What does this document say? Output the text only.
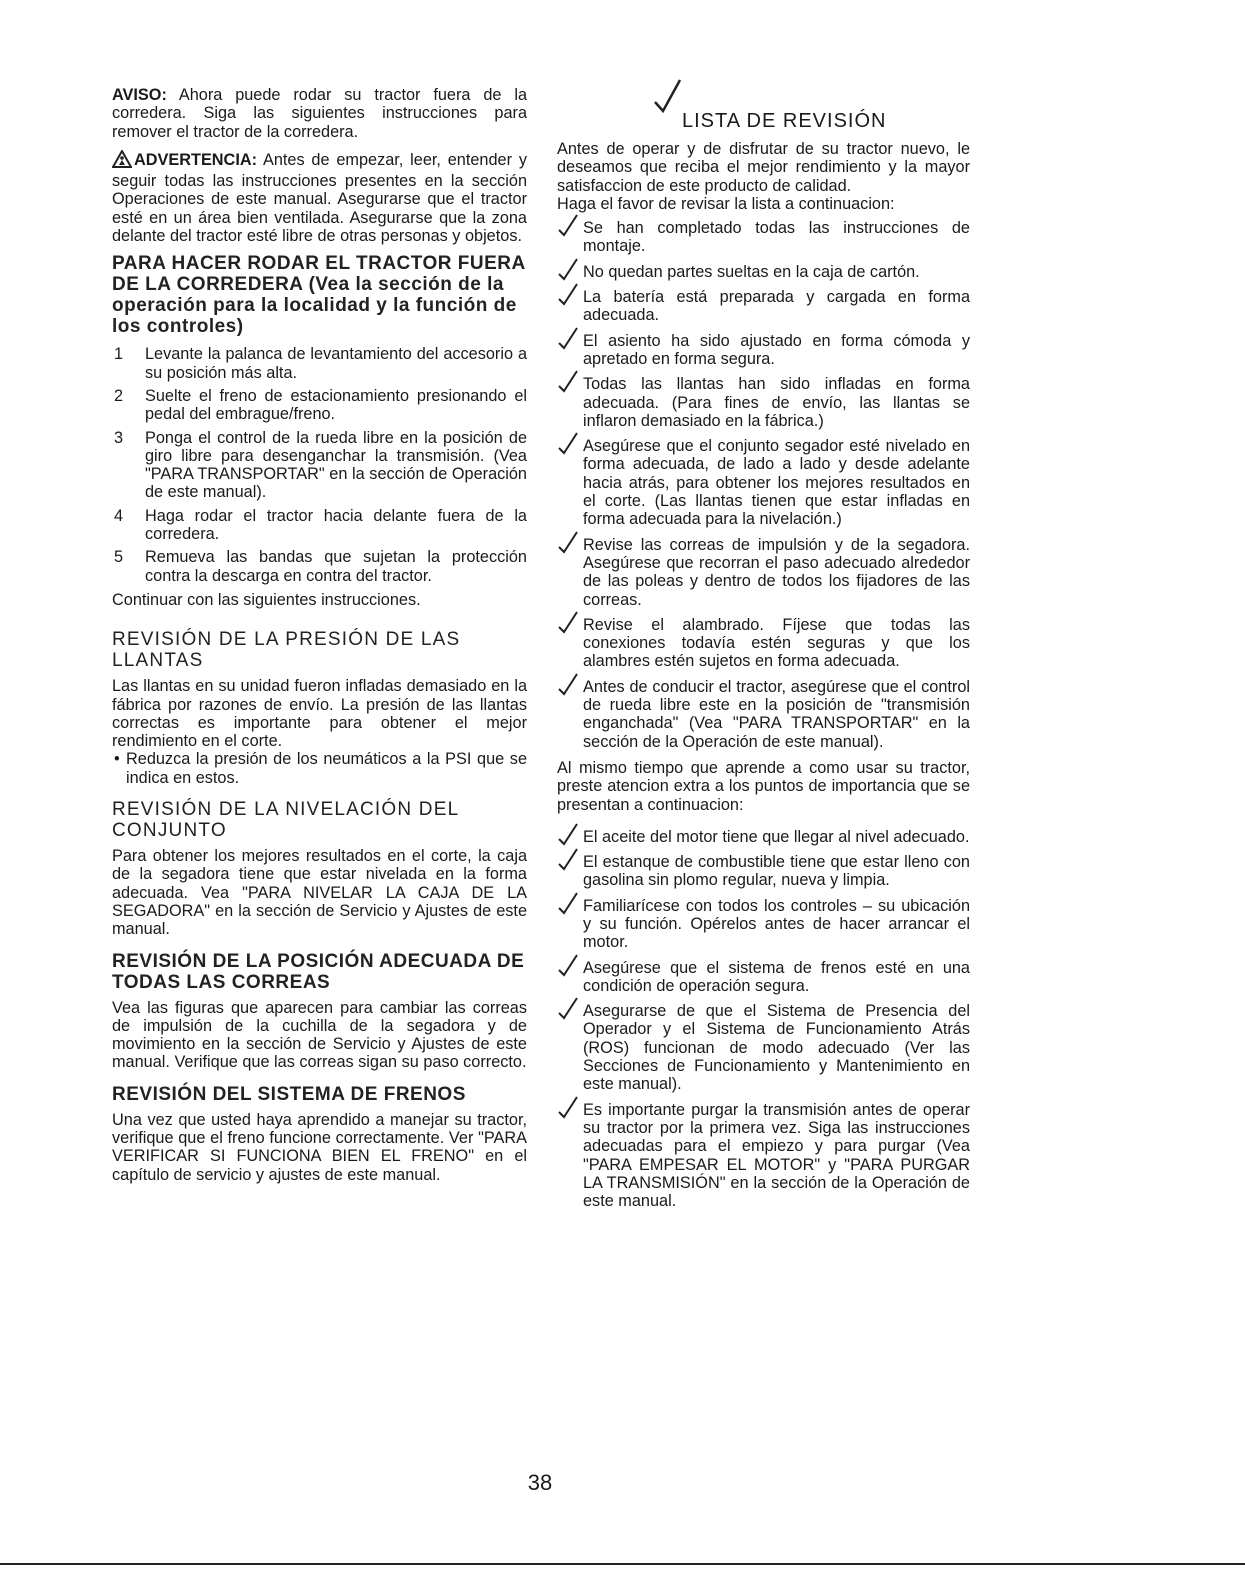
AVISO: Ahora puede rodar su tractor fuera de la corredera. Siga las siguientes instrucciones para remover el tractor de la corredera.

ADVERTENCIA: Antes de empezar, leer, entender y seguir todas las instrucciones presentes en la sección Operaciones de este manual. Asegurarse que el tractor esté en un área bien ventilada. Asegurarse que la zona delante del tractor esté libre de otras personas y objetos.

PARA HACER RODAR EL TRACTOR FUERA DE LA CORREDERA (Vea la sección de la operación para la localidad y la función de los controles)
1 Levante la palanca de levantamiento del accesorio a su posición más alta.
2 Suelte el freno de estacionamiento presionando el pedal del embrague/freno.
3 Ponga el control de la rueda libre en la posición de giro libre para desenganchar la transmisión. (Vea "PARA TRANSPORTAR" en la sección de Operación de este manual).
4 Haga rodar el tractor hacia delante fuera de la corredera.
5 Remueva las bandas que sujetan la protección contra la descarga en contra del tractor.

Continuar con las siguientes instrucciones.

REVISIÓN DE LA PRESIÓN DE LAS LLANTAS

Las llantas en su unidad fueron infladas demasiado en la fábrica por razones de envío. La presión de las llantas correctas es importante para obtener el mejor rendimiento en el corte.

• Reduzca la presión de los neumáticos a la PSI que se indica en estos.
REVISIÓN DE LA NIVELACIÓN DEL CONJUNTO

Para obtener los mejores resultados en el corte, la caja de la segadora tiene que estar nivelada en la forma adecuada. Vea "PARA NIVELAR LA CAJA DE LA SEGADORA" en la sección de Servicio y Ajustes de este manual.

REVISIÓN DE LA POSICIÓN ADECUADA DE TODAS LAS CORREAS

Vea las figuras que aparecen para cambiar las correas de impulsión de la cuchilla de la segadora y de movimiento en la sección de Servicio y Ajustes de este manual. Verifique que las correas sigan su paso correcto.

REVISIÓN DEL SISTEMA DE FRENOS

Una vez que usted haya aprendido a manejar su tractor, verifique que el freno funcione correctamente. Ver "PARA VERIFICAR SI FUNCIONA BIEN EL FRENO" en el capítulo de servicio y ajustes de este manual.

LISTA DE REVISIÓN

Antes de operar y de disfrutar de su tractor nuevo, le deseamos que reciba el mejor rendimiento y la mayor satisfaccion de este producto de calidad.

Haga el favor de revisar la lista a continuacion:

Se han completado todas las instrucciones de montaje.
No quedan partes sueltas en la caja de cartón.
La batería está preparada y cargada en forma adecuada.
El asiento ha sido ajustado en forma cómoda y apretado en forma segura.
Todas las llantas han sido infladas en forma adecuada. (Para fines de envío, las llantas se inflaron demasiado en la fábrica.)
Asegúrese que el conjunto segador esté nivelado en forma adecuada, de lado a lado y desde adelante hacia atrás, para obtener los mejores resultados en el corte. (Las llantas tienen que estar infladas en forma adecuada para la nivelación.)
Revise las correas de impulsión y de la segadora. Asegúrese que recorran el paso adecuado alrededor de las poleas y dentro de todos los fijadores de las correas.
Revise el alambrado. Fíjese que todas las conexiones todavía estén seguras y que los alambres estén sujetos en forma adecuada.
Antes de conducir el tractor, asegúrese que el control de rueda libre este en la posición de "transmisión enganchada" (Vea "PARA TRANSPORTAR" en la sección de la Operación de este manual).

Al mismo tiempo que aprende a como usar su tractor, preste atencion extra a los puntos de importancia que se presentan a continuacion:

El aceite del motor tiene que llegar al nivel adecuado.
El estanque de combustible tiene que estar lleno con gasolina sin plomo regular, nueva y limpia.
Familiarícese con todos los controles – su ubicación y su función. Opérelos antes de hacer arrancar el motor.
Asegúrese que el sistema de frenos esté en una condición de operación segura.
Asegurarse de que el Sistema de Presencia del Operador y el Sistema de Funcionamiento Atrás (ROS) funcionan de modo adecuado (Ver las Secciones de Funcionamiento y Mantenimiento en este manual).
Es importante purgar la transmisión antes de operar su tractor por la primera vez. Siga las instrucciones adecuadas para el empiezo y para purgar (Vea "PARA EMPESAR EL MOTOR" y "PARA PURGAR LA TRANSMISIÓN" en la sección de la Operación de este manual.
38
